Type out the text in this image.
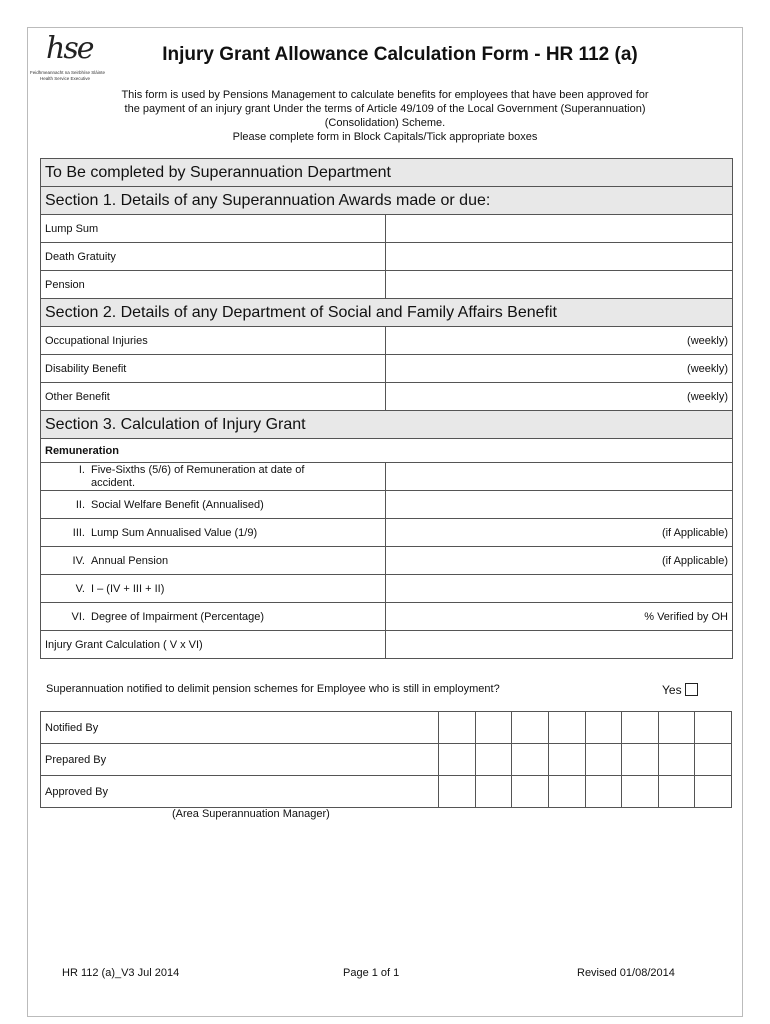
hse
Feidhmeannacht na Seirbhíse Sláinte
Health Service Executive
Injury Grant Allowance Calculation Form - HR 112 (a)

This form is used by Pensions Management to calculate benefits for employees that have been approved for

the payment of an injury grant Under the terms of Article 49/109 of the Local Government (Superannuation)

(Consolidation) Scheme.

Please complete form in Block Capitals/Tick appropriate boxes

To Be completed by Superannuation Department	
Section 1. Details of any Superannuation Awards made or due:	
Lump Sum	
Death Gratuity	
Pension	
Section 2. Details of any Department of Social and Family Affairs Benefit	
Occupational Injuries	(weekly)
Disability Benefit	(weekly)
Other Benefit	(weekly)
Section 3. Calculation of Injury Grant	
Remuneration	
I. Five-Sixths (5/6) of Remuneration at date of accident.	
II. Social Welfare Benefit (Annualised)	
III. Lump Sum Annualised Value (1/9)	(if Applicable)
IV. Annual Pension	(if Applicable)
V. I – (IV + III + II)	
VI. Degree of Impairment (Percentage)	% Verified by OH
Injury Grant Calculation ( V x VI)	
Superannuation notified to delimit pension schemes for Employee who is still in employment?	Yes
Notified By								
Prepared By								
Approved By								
(Area Superannuation Manager)
HR 112 (a)_V3 Jul 2014	Page 1 of 1	Revised 01/08/2014
